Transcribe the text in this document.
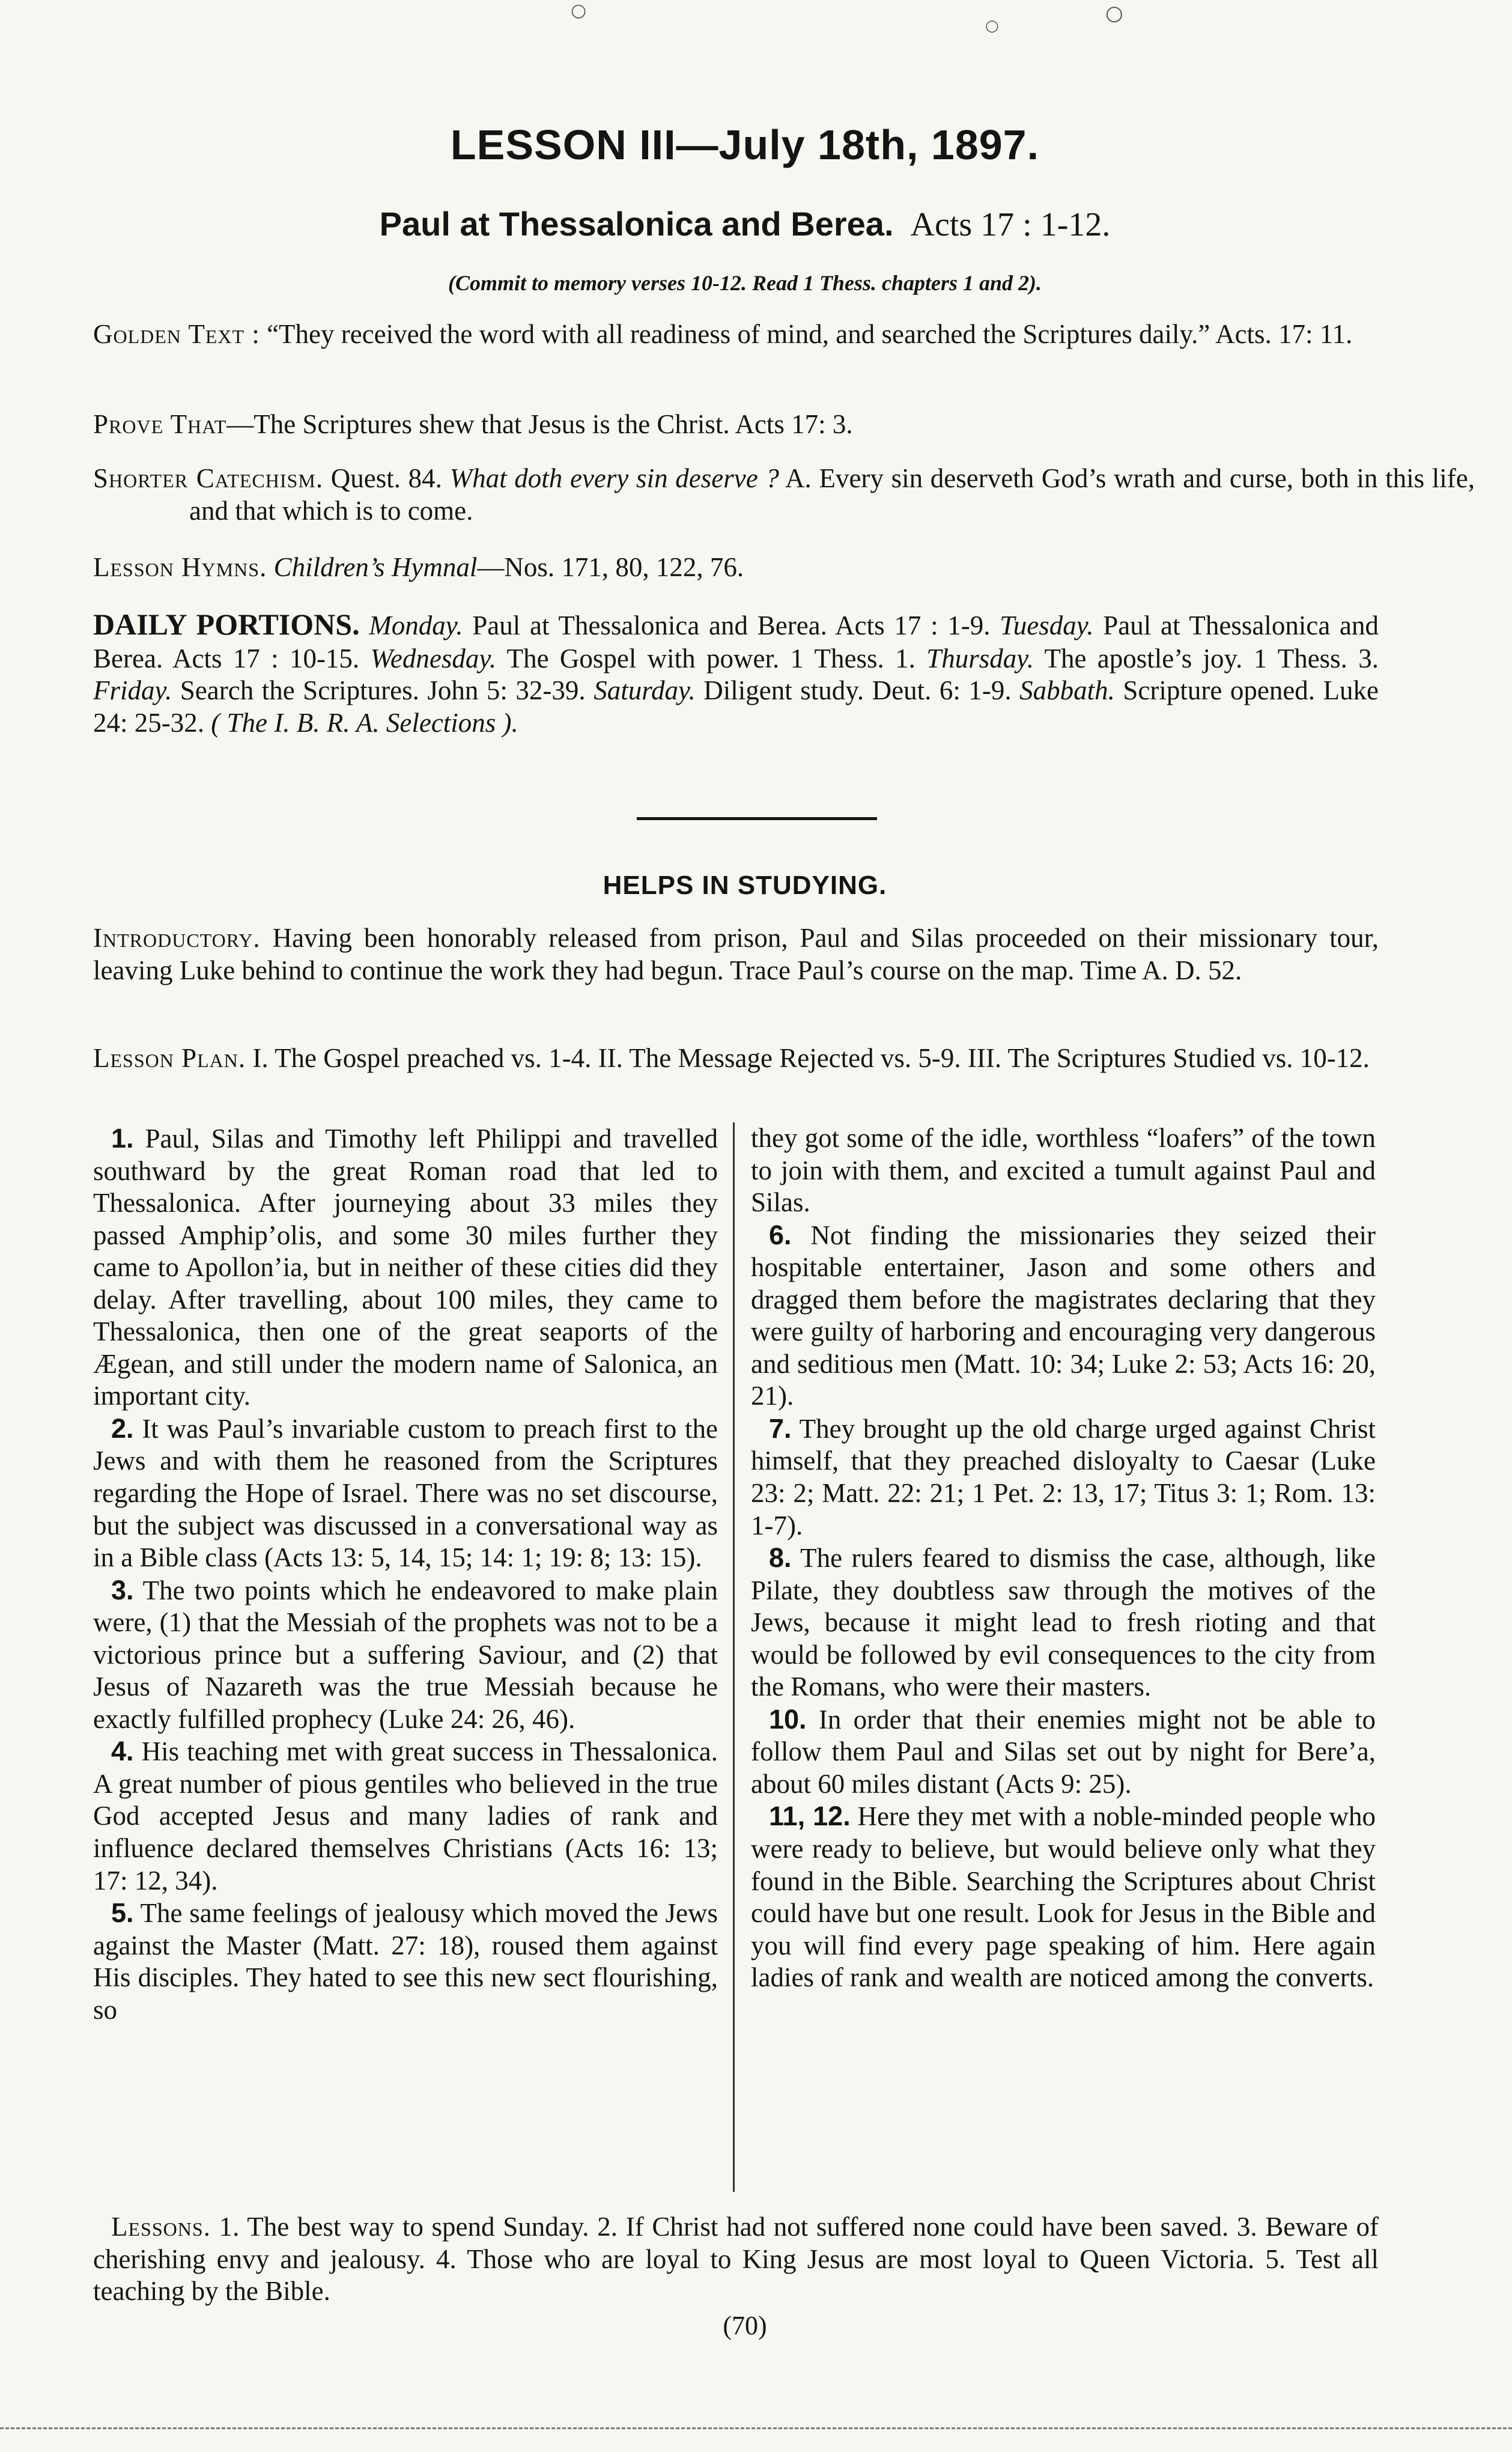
○
○
○
LESSON III—July 18th, 1897.
Paul at Thessalonica and Berea. Acts 17 : 1-12.
(Commit to memory verses 10-12. Read 1 Thess. chapters 1 and 2).
Golden Text : “They received the word with all readiness of mind, and searched the Scriptures daily.” Acts. 17: 11.
Prove That—The Scriptures shew that Jesus is the Christ. Acts 17: 3.
Shorter Catechism. Quest. 84. What doth every sin deserve ? A. Every sin deserveth God’s wrath and curse, both in this life, and that which is to come.
Lesson Hymns. Children’s Hymnal—Nos. 171, 80, 122, 76.
DAILY PORTIONS. Monday. Paul at Thessalonica and Berea. Acts 17 : 1-9. Tuesday. Paul at Thessalonica and Berea. Acts 17 : 10-15. Wednesday. The Gospel with power. 1 Thess. 1. Thursday. The apostle’s joy. 1 Thess. 3. Friday. Search the Scriptures. John 5: 32-39. Saturday. Diligent study. Deut. 6: 1-9. Sabbath. Scripture opened. Luke 24: 25-32. ( The I. B. R. A. Selections ).
HELPS IN STUDYING.
Introductory. Having been honorably released from prison, Paul and Silas proceeded on their missionary tour, leaving Luke behind to continue the work they had begun. Trace Paul’s course on the map. Time A. D. 52.
Lesson Plan. I. The Gospel preached vs. 1-4. II. The Message Rejected vs. 5-9. III. The Scriptures Studied vs. 10-12.

1. Paul, Silas and Timothy left Philippi and travelled southward by the great Roman road that led to Thessalonica. After journeying about 33 miles they passed Amphip’olis, and some 30 miles further they came to Apollon’ia, but in neither of these cities did they delay. After travelling, about 100 miles, they came to Thessalonica, then one of the great seaports of the Ægean, and still under the modern name of Salonica, an important city.

2. It was Paul’s invariable custom to preach first to the Jews and with them he reasoned from the Scriptures regarding the Hope of Israel. There was no set discourse, but the subject was discussed in a conversational way as in a Bible class (Acts 13: 5, 14, 15; 14: 1; 19: 8; 13: 15).

3. The two points which he endeavored to make plain were, (1) that the Messiah of the prophets was not to be a victorious prince but a suffering Saviour, and (2) that Jesus of Nazareth was the true Messiah because he exactly fulfilled prophecy (Luke 24: 26, 46).

4. His teaching met with great success in Thessalonica. A great number of pious gentiles who believed in the true God accepted Jesus and many ladies of rank and influence declared themselves Christians (Acts 16: 13; 17: 12, 34).

5. The same feelings of jealousy which moved the Jews against the Master (Matt. 27: 18), roused them against His disciples. They hated to see this new sect flourishing, so

they got some of the idle, worthless “loafers” of the town to join with them, and excited a tumult against Paul and Silas.

6. Not finding the missionaries they seized their hospitable entertainer, Jason and some others and dragged them before the magistrates declaring that they were guilty of harboring and encouraging very dangerous and seditious men (Matt. 10: 34; Luke 2: 53; Acts 16: 20, 21).

7. They brought up the old charge urged against Christ himself, that they preached disloyalty to Caesar (Luke 23: 2; Matt. 22: 21; 1 Pet. 2: 13, 17; Titus 3: 1; Rom. 13: 1-7).

8. The rulers feared to dismiss the case, although, like Pilate, they doubtless saw through the motives of the Jews, because it might lead to fresh rioting and that would be followed by evil consequences to the city from the Romans, who were their masters.

10. In order that their enemies might not be able to follow them Paul and Silas set out by night for Bere’a, about 60 miles distant (Acts 9: 25).

11, 12. Here they met with a noble-minded people who were ready to believe, but would believe only what they found in the Bible. Searching the Scriptures about Christ could have but one result. Look for Jesus in the Bible and you will find every page speaking of him. Here again ladies of rank and wealth are noticed among the converts.

Lessons. 1. The best way to spend Sunday. 2. If Christ had not suffered none could have been saved. 3. Beware of cherishing envy and jealousy. 4. Those who are loyal to King Jesus are most loyal to Queen Victoria. 5. Test all teaching by the Bible.
(70)
